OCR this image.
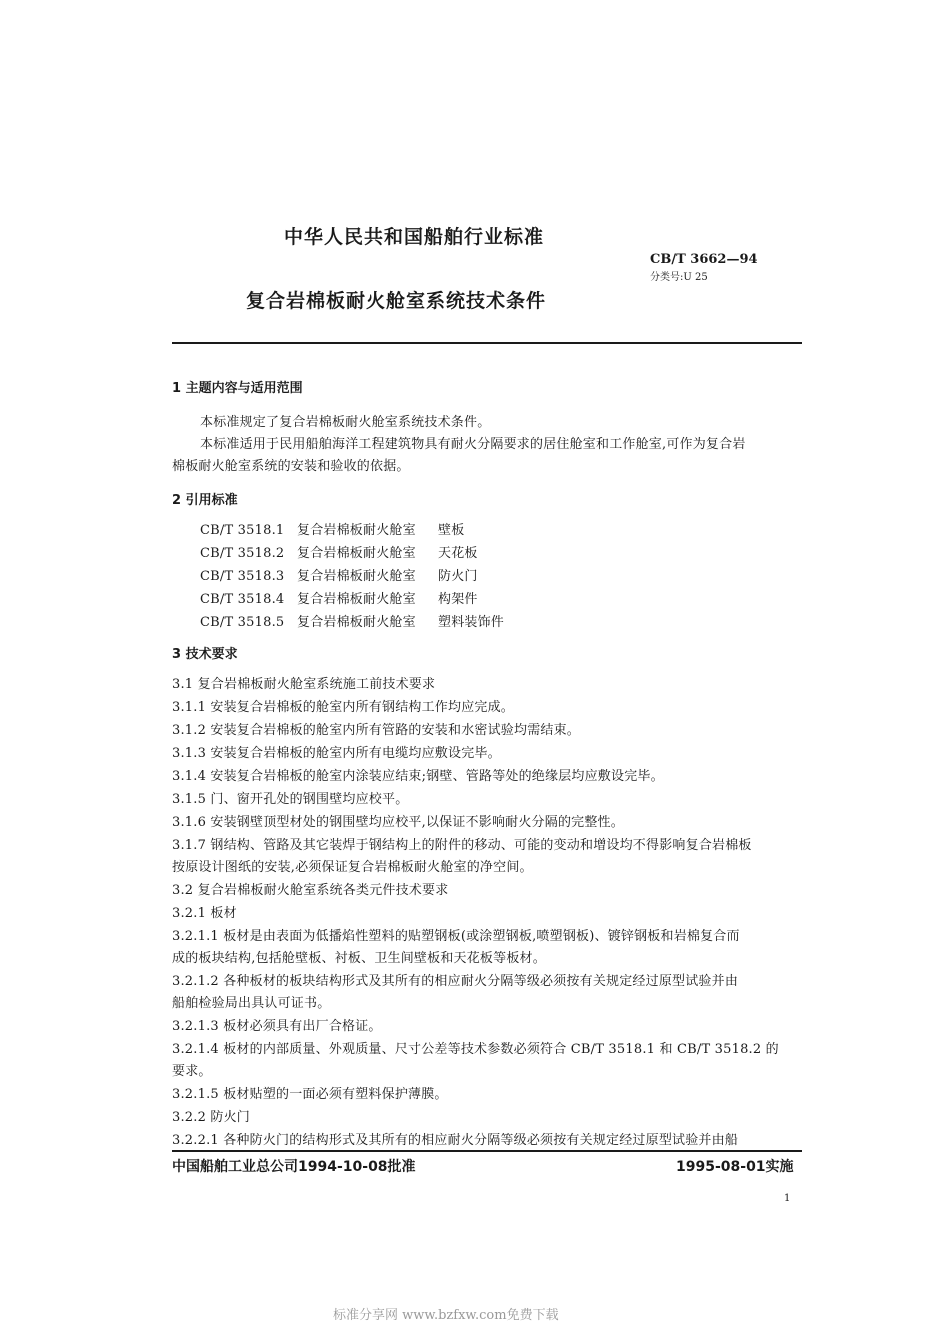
中华人民共和国船舶行业标准
CB/T 3662—94
分类号:U 25
复合岩棉板耐火舱室系统技术条件
1 主题内容与适用范围
本标准规定了复合岩棉板耐火舱室系统技术条件。
本标准适用于民用船舶海洋工程建筑物具有耐火分隔要求的居住舱室和工作舱室,可作为复合岩
棉板耐火舱室系统的安装和验收的依据。
2 引用标准
CB/T 3518.1 复合岩棉板耐火舱室 壁板
CB/T 3518.2 复合岩棉板耐火舱室 天花板
CB/T 3518.3 复合岩棉板耐火舱室 防火门
CB/T 3518.4 复合岩棉板耐火舱室 构架件
CB/T 3518.5 复合岩棉板耐火舱室 塑料装饰件
3 技术要求
3.1 复合岩棉板耐火舱室系统施工前技术要求
3.1.1 安装复合岩棉板的舱室内所有钢结构工作均应完成。
3.1.2 安装复合岩棉板的舱室内所有管路的安装和水密试验均需结束。
3.1.3 安装复合岩棉板的舱室内所有电缆均应敷设完毕。
3.1.4 安装复合岩棉板的舱室内涂装应结束;钢壁、管路等处的绝缘层均应敷设完毕。
3.1.5 门、窗开孔处的钢围壁均应校平。
3.1.6 安装钢壁顶型材处的钢围壁均应校平,以保证不影响耐火分隔的完整性。
3.1.7 钢结构、管路及其它装焊于钢结构上的附件的移动、可能的变动和增设均不得影响复合岩棉板
按原设计图纸的安装,必须保证复合岩棉板耐火舱室的净空间。
3.2 复合岩棉板耐火舱室系统各类元件技术要求
3.2.1 板材
3.2.1.1 板材是由表面为低播焰性塑料的贴塑钢板(或涂塑钢板,喷塑钢板)、镀锌钢板和岩棉复合而
成的板块结构,包括舱壁板、衬板、卫生间壁板和天花板等板材。
3.2.1.2 各种板材的板块结构形式及其所有的相应耐火分隔等级必须按有关规定经过原型试验并由
船舶检验局出具认可证书。
3.2.1.3 板材必须具有出厂合格证。
3.2.1.4 板材的内部质量、外观质量、尺寸公差等技术参数必须符合 CB/T 3518.1 和 CB/T 3518.2 的
要求。
3.2.1.5 板材贴塑的一面必须有塑料保护薄膜。
3.2.2 防火门
3.2.2.1 各种防火门的结构形式及其所有的相应耐火分隔等级必须按有关规定经过原型试验并由船
中国船舶工业总公司1994-10-08批准	1995-08-01实施
1
标准分享网 www.bzfxw.com免费下载
